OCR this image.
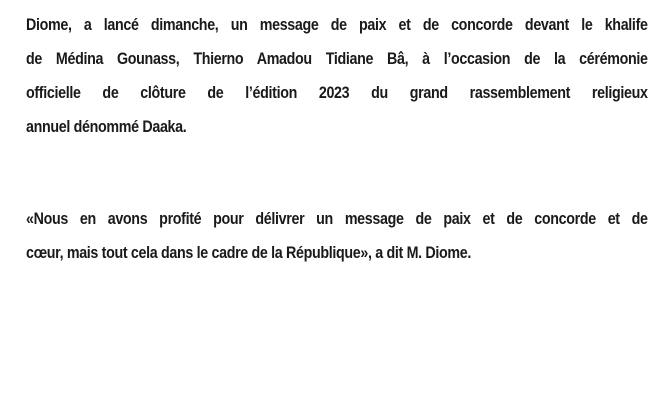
Diome, a lancé dimanche, un message de paix et de concorde devant le khalife
de Médina Gounass, Thierno Amadou Tidiane Bâ, à l’occasion de la cérémonie
officielle de clôture de l’édition 2023 du grand rassemblement religieux
annuel dénommé Daaka.
«Nous en avons profité pour délivrer un message de paix et de concorde et de
cœur, mais tout cela dans le cadre de la République», a dit M. Diome.
